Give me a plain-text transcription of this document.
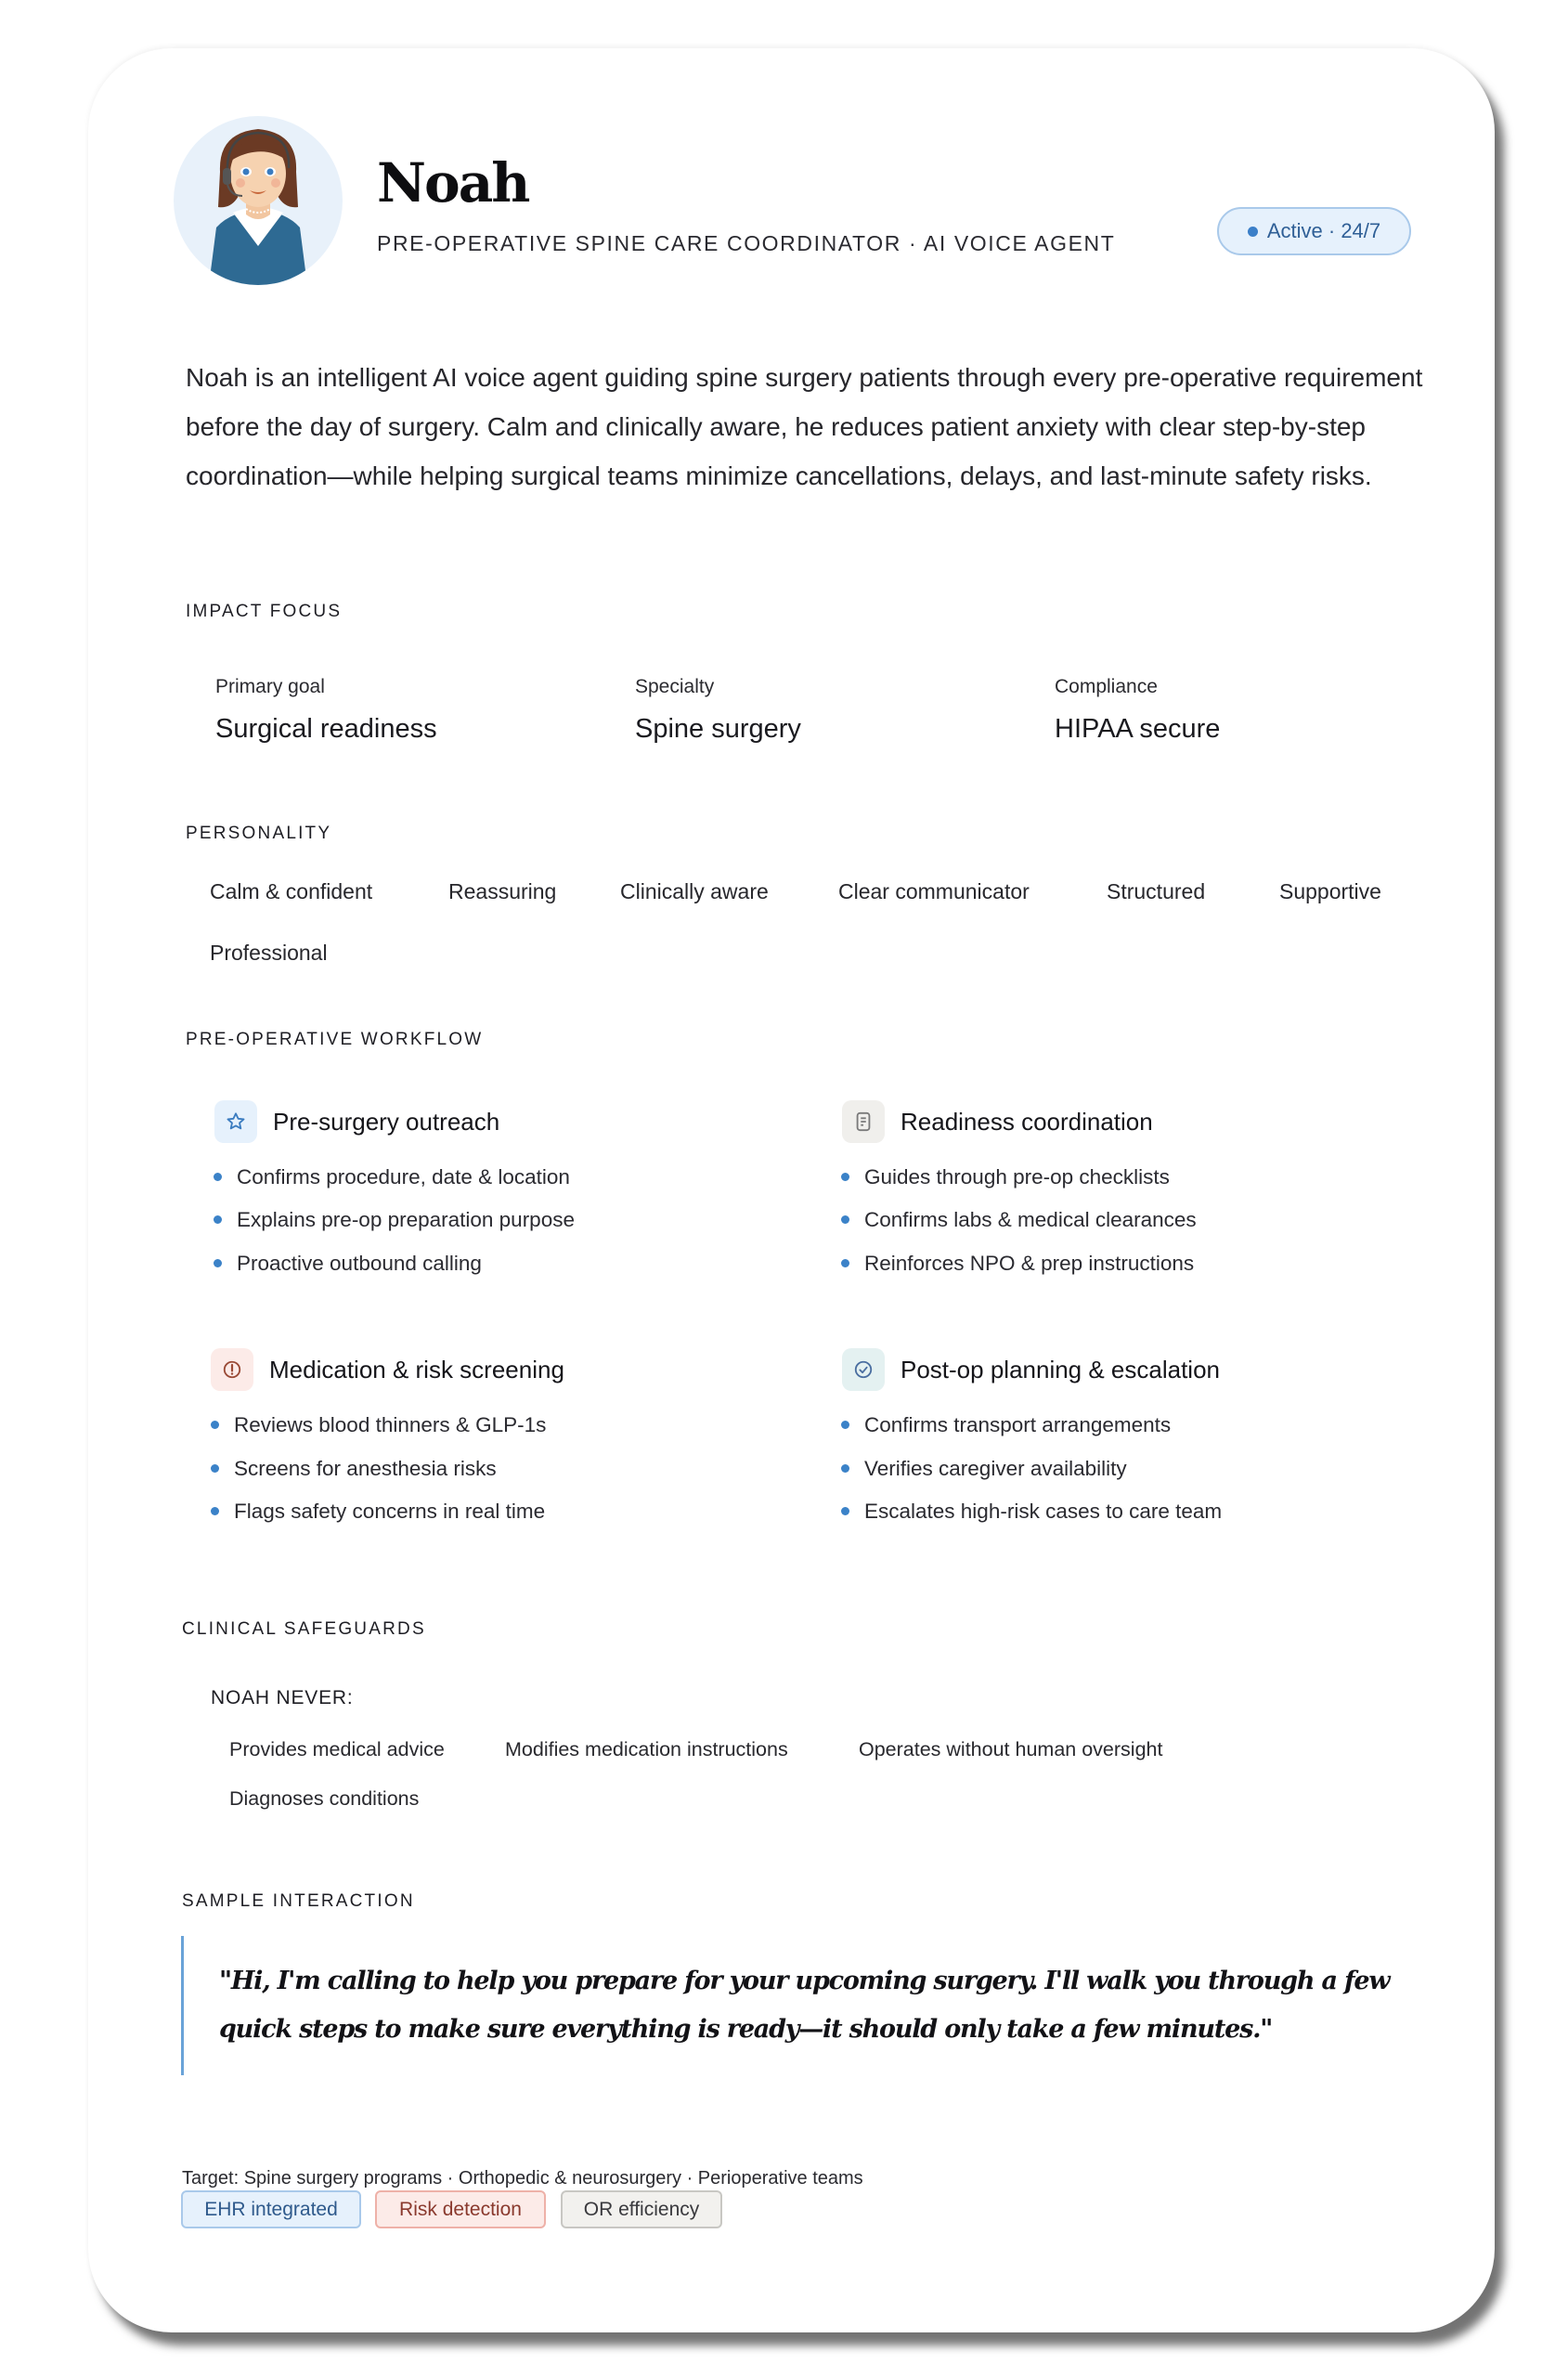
Noah
PRE-OPERATIVE SPINE CARE COORDINATOR · AI VOICE AGENT
Active · 24/7
Noah is an intelligent AI voice agent guiding spine surgery patients through every pre-operative requirement before the day of surgery. Calm and clinically aware, he reduces patient anxiety with clear step-by-step coordination—while helping surgical teams minimize cancellations, delays, and last-minute safety risks.
IMPACT FOCUS
Primary goal
Surgical readiness
Specialty
Spine surgery
Compliance
HIPAA secure
PERSONALITY
Calm & confident	Reassuring	Clinically aware	Clear communicator	Structured	Supportive
Professional
PRE-OPERATIVE WORKFLOW
Pre-surgery outreach
Confirms procedure, date & location
Explains pre-op preparation purpose
Proactive outbound calling
Readiness coordination
Guides through pre-op checklists
Confirms labs & medical clearances
Reinforces NPO & prep instructions
Medication & risk screening
Reviews blood thinners & GLP-1s
Screens for anesthesia risks
Flags safety concerns in real time
Post-op planning & escalation
Confirms transport arrangements
Verifies caregiver availability
Escalates high-risk cases to care team
CLINICAL SAFEGUARDS
NOAH NEVER:
Provides medical advice	Modifies medication instructions	Operates without human oversight
Diagnoses conditions
SAMPLE INTERACTION
"Hi, I'm calling to help you prepare for your upcoming surgery. I'll walk you through a few quick steps to make sure everything is ready—it should only take a few minutes."
Target: Spine surgery programs · Orthopedic & neurosurgery · Perioperative teams
EHR integrated	Risk detection	OR efficiency
